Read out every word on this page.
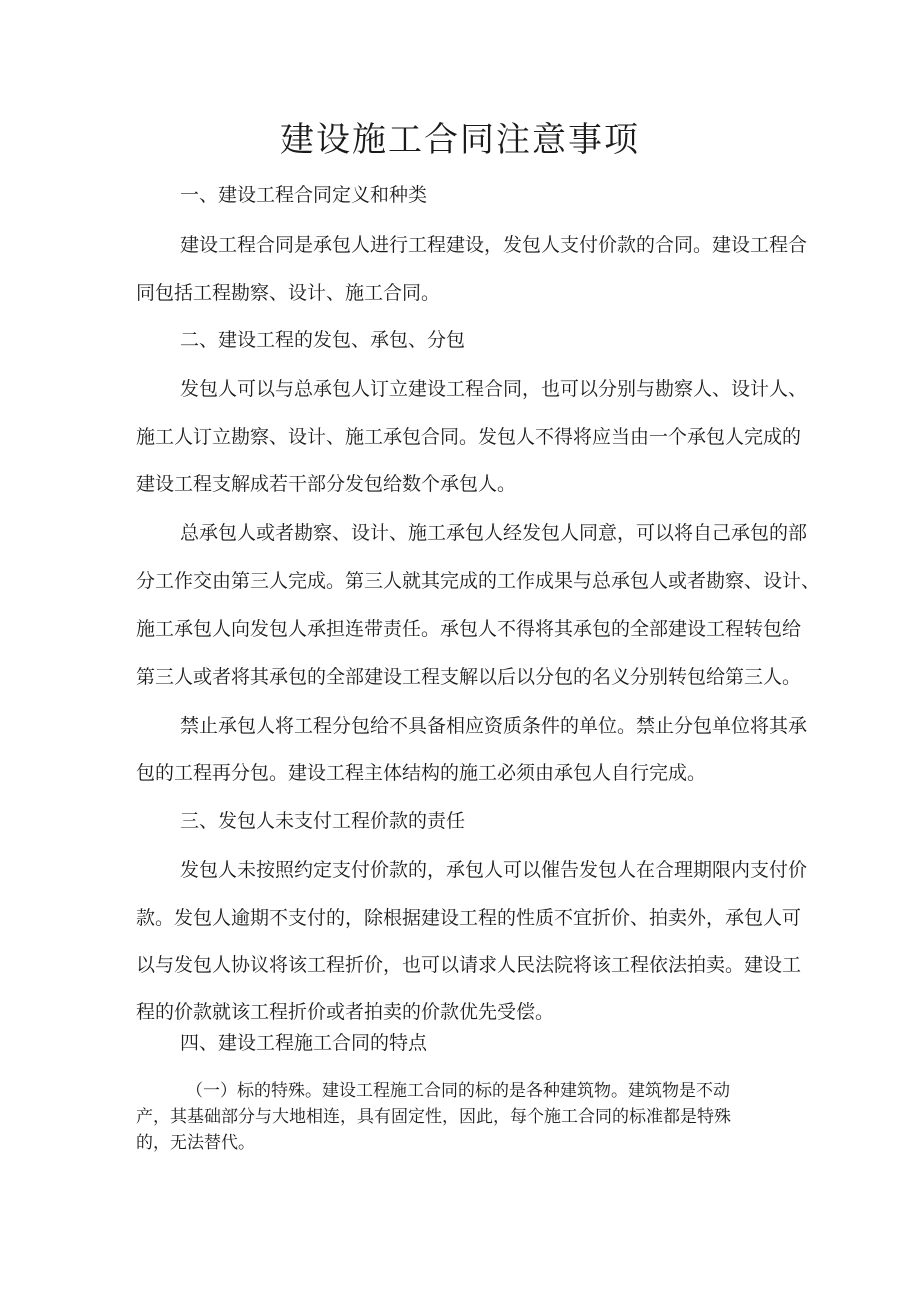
建设施工合同注意事项

一、建设工程合同定义和种类

建设工程合同是承包人进行工程建设，发包人支付价款的合同。建设工程合

同包括工程勘察、设计、施工合同。

二、建设工程的发包、承包、分包

发包人可以与总承包人订立建设工程合同，也可以分别与勘察人、设计人、

施工人订立勘察、设计、施工承包合同。发包人不得将应当由一个承包人完成的

建设工程支解成若干部分发包给数个承包人。

总承包人或者勘察、设计、施工承包人经发包人同意，可以将自己承包的部

分工作交由第三人完成。第三人就其完成的工作成果与总承包人或者勘察、设计、

施工承包人向发包人承担连带责任。承包人不得将其承包的全部建设工程转包给

第三人或者将其承包的全部建设工程支解以后以分包的名义分别转包给第三人。

禁止承包人将工程分包给不具备相应资质条件的单位。禁止分包单位将其承

包的工程再分包。建设工程主体结构的施工必须由承包人自行完成。

三、发包人未支付工程价款的责任

发包人未按照约定支付价款的，承包人可以催告发包人在合理期限内支付价

款。发包人逾期不支付的，除根据建设工程的性质不宜折价、拍卖外，承包人可

以与发包人协议将该工程折价，也可以请求人民法院将该工程依法拍卖。建设工

程的价款就该工程折价或者拍卖的价款优先受偿。

四、建设工程施工合同的特点

（一）标的特殊。建设工程施工合同的标的是各种建筑物。建筑物是不动

产，其基础部分与大地相连，具有固定性，因此，每个施工合同的标准都是特殊

的，无法替代。
